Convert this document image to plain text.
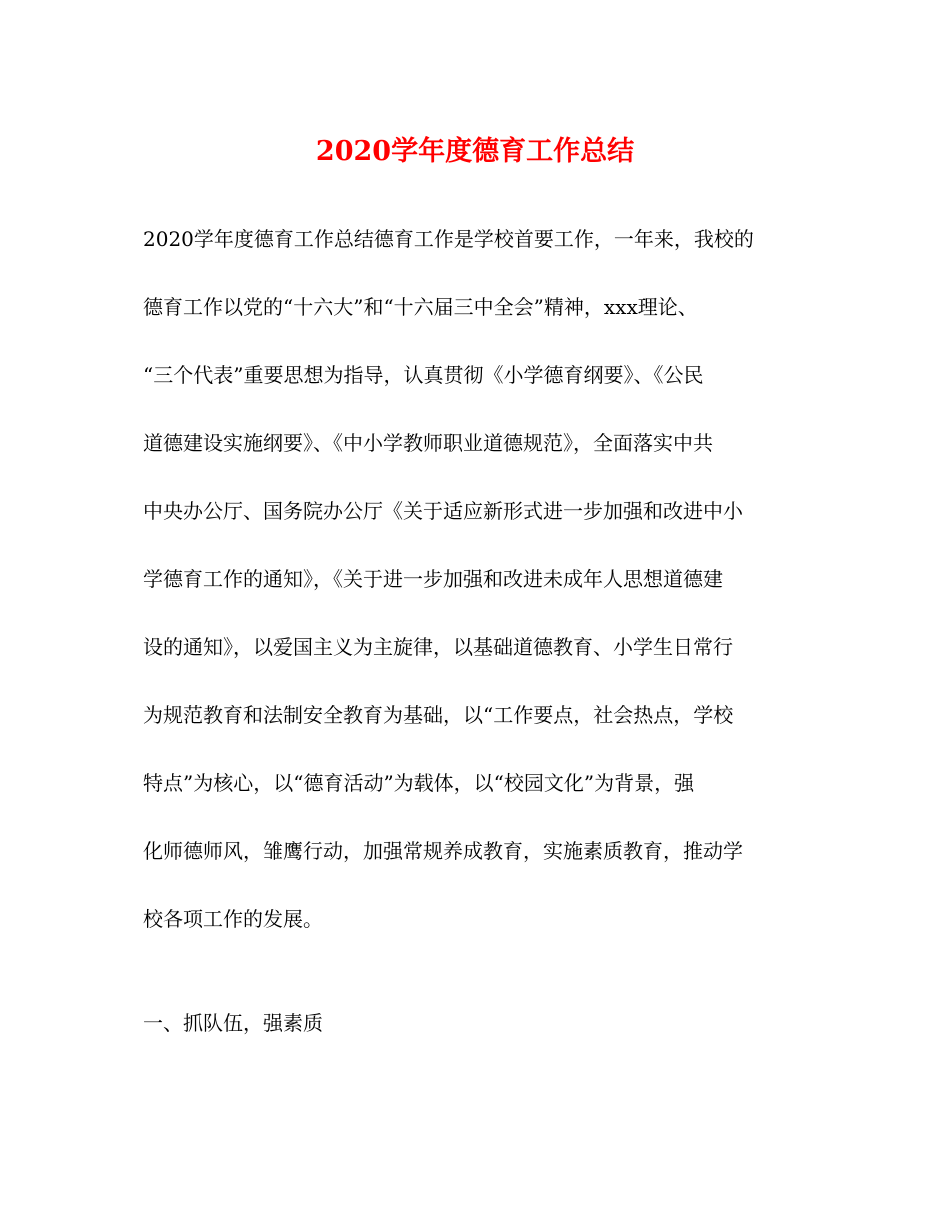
2020学年度德育工作总结
2020学年度德育工作总结德育工作是学校首要工作，一年来，我校的
德育工作以党的“十六大”和“十六届三中全会”精神，xxx理论、
“三个代表”重要思想为指导，认真贯彻《小学德育纲要》、《公民
道德建设实施纲要》、《中小学教师职业道德规范》，全面落实中共
中央办公厅、国务院办公厅《关于适应新形式进一步加强和改进中小
学德育工作的通知》，《关于进一步加强和改进未成年人思想道德建
设的通知》，以爱国主义为主旋律，以基础道德教育、小学生日常行
为规范教育和法制安全教育为基础，以“工作要点，社会热点，学校
特点”为核心，以“德育活动”为载体，以“校园文化”为背景，强
化师德师风，雏鹰行动，加强常规养成教育，实施素质教育，推动学
校各项工作的发展。

一、抓队伍，强素质
